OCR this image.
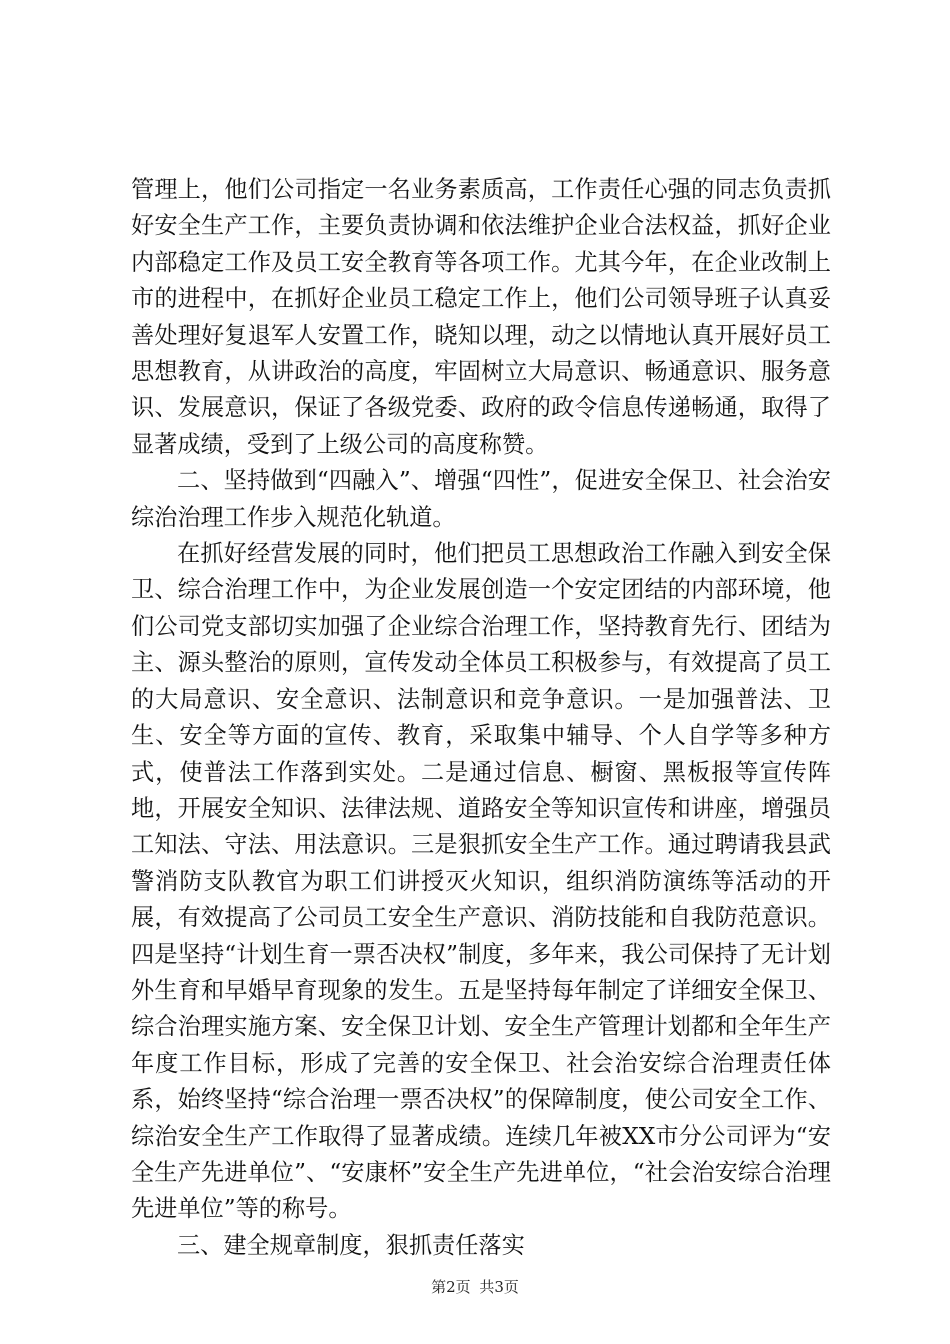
管理上，他们公司指定一名业务素质高，工作责任心强的同志负责抓好安全生产工作，主要负责协调和依法维护企业合法权益，抓好企业内部稳定工作及员工安全教育等各项工作。尤其今年，在企业改制上市的进程中，在抓好企业员工稳定工作上，他们公司领导班子认真妥善处理好复退军人安置工作，晓知以理，动之以情地认真开展好员工思想教育，从讲政治的高度，牢固树立大局意识、畅通意识、服务意识、发展意识，保证了各级党委、政府的政令信息传递畅通，取得了显著成绩，受到了上级公司的高度称赞。

二、坚持做到“四融入”、增强“四性”，促进安全保卫、社会治安综治治理工作步入规范化轨道。

在抓好经营发展的同时，他们把员工思想政治工作融入到安全保卫、综合治理工作中，为企业发展创造一个安定团结的内部环境，他们公司党支部切实加强了企业综合治理工作，坚持教育先行、团结为主、源头整治的原则，宣传发动全体员工积极参与，有效提高了员工的大局意识、安全意识、法制意识和竞争意识。一是加强普法、卫生、安全等方面的宣传、教育，采取集中辅导、个人自学等多种方式，使普法工作落到实处。二是通过信息、橱窗、黑板报等宣传阵地，开展安全知识、法律法规、道路安全等知识宣传和讲座，增强员工知法、守法、用法意识。三是狠抓安全生产工作。通过聘请我县武警消防支队教官为职工们讲授灭火知识，组织消防演练等活动的开展，有效提高了公司员工安全生产意识、消防技能和自我防范意识。四是坚持“计划生育一票否决权”制度，多年来，我公司保持了无计划外生育和早婚早育现象的发生。五是坚持每年制定了详细安全保卫、综合治理实施方案、安全保卫计划、安全生产管理计划都和全年生产年度工作目标，形成了完善的安全保卫、社会治安综合治理责任体系，始终坚持“综合治理一票否决权”的保障制度，使公司安全工作、综治安全生产工作取得了显著成绩。连续几年被XX市分公司评为“安全生产先进单位”、“安康杯”安全生产先进单位，“社会治安综合治理先进单位”等的称号。

三、建全规章制度，狠抓责任落实

第2页 共3页
